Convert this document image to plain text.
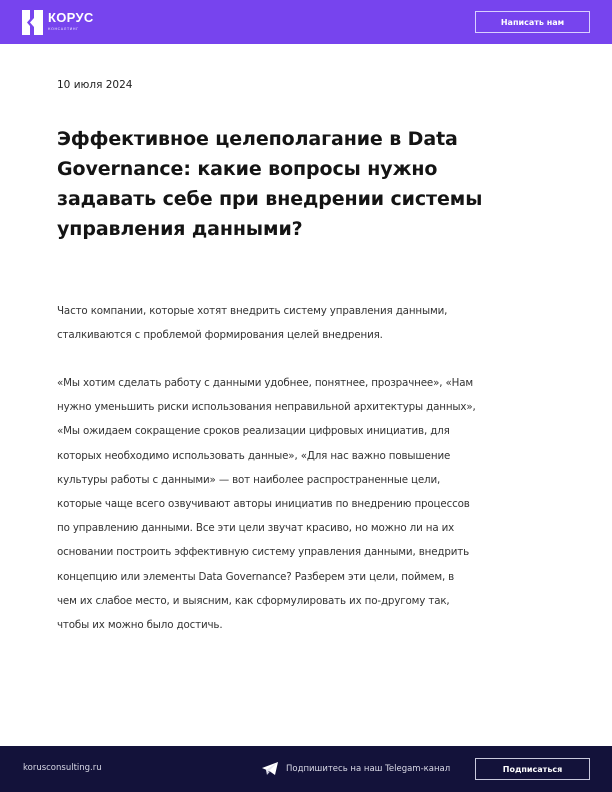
КОРУС
КОНСАЛТИНГ
Написать нам
10 июля 2024
Эффективное целеполагание в Data
Governance: какие вопросы нужно
задавать себе при внедрении системы
управления данными?

Часто компании, которые хотят внедрить систему управления данными,
сталкиваются с проблемой формирования целей внедрения.

«Мы хотим сделать работу с данными удобнее, понятнее, прозрачнее», «Нам
нужно уменьшить риски использования неправильной архитектуры данных»,
«Мы ожидаем сокращение сроков реализации цифровых инициатив, для
которых необходимо использовать данные», «Для нас важно повышение
культуры работы с данными» — вот наиболее распространенные цели,
которые чаще всего озвучивают авторы инициатив по внедрению процессов
по управлению данными. Все эти цели звучат красиво, но можно ли на их
основании построить эффективную систему управления данными, внедрить
концепцию или элементы Data Governance? Разберем эти цели, поймем, в
чем их слабое место, и выясним, как сформулировать их по-другому так,
чтобы их можно было достичь.

korusconsulting.ru	Подпишитесь на наш Telegam-канал	Подписаться
